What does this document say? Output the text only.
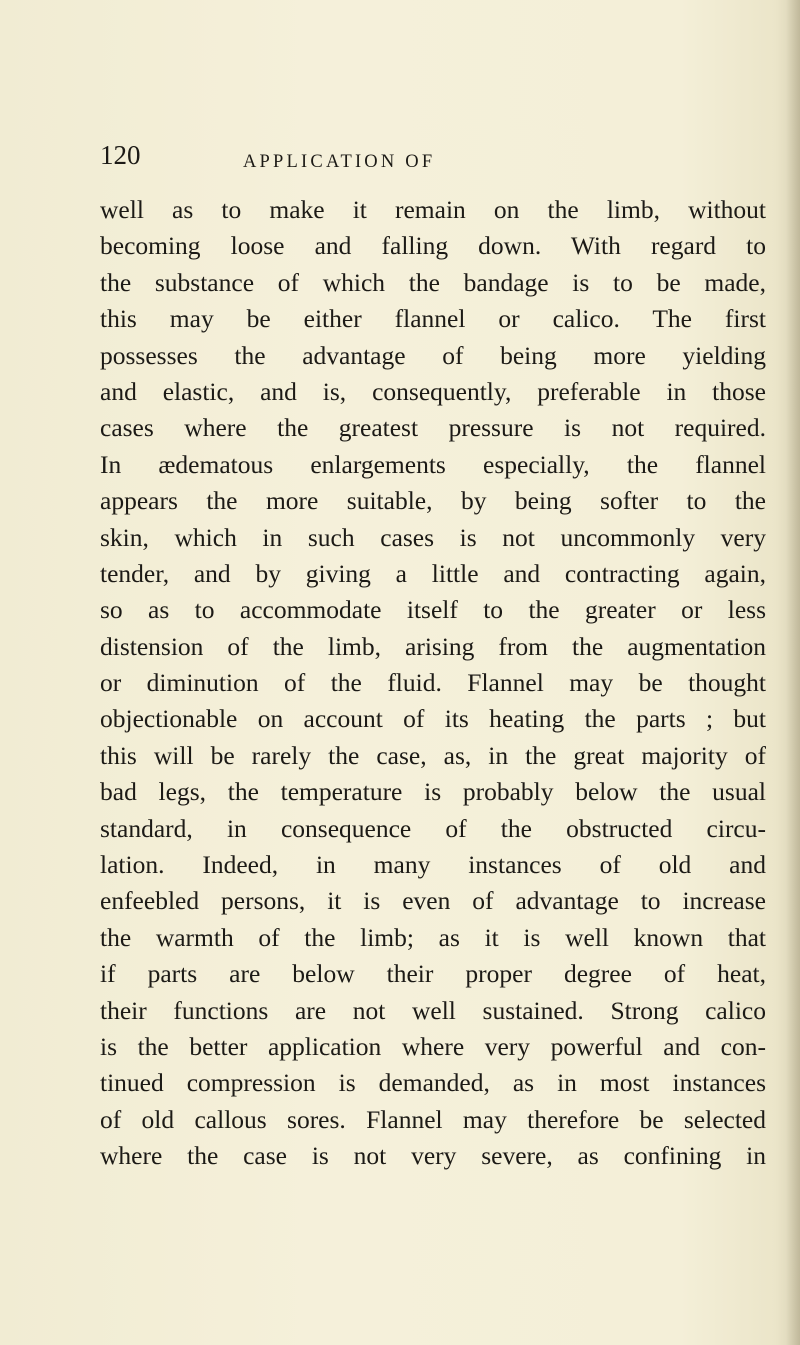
120	APPLICATION OF
well as to make it remain on the limb, without
becoming loose and falling down. With regard to
the substance of which the bandage is to be made,
this may be either flannel or calico. The first
possesses the advantage of being more yielding
and elastic, and is, consequently, preferable in those
cases where the greatest pressure is not required.
In ædematous enlargements especially, the flannel
appears the more suitable, by being softer to the
skin, which in such cases is not uncommonly very
tender, and by giving a little and contracting again,
so as to accommodate itself to the greater or less
distension of the limb, arising from the augmentation
or diminution of the fluid. Flannel may be thought
objectionable on account of its heating the parts ; but
this will be rarely the case, as, in the great majority of
bad legs, the temperature is probably below the usual
standard, in consequence of the obstructed circu-
lation. Indeed, in many instances of old and
enfeebled persons, it is even of advantage to increase
the warmth of the limb; as it is well known that
if parts are below their proper degree of heat,
their functions are not well sustained. Strong calico
is the better application where very powerful and con-
tinued compression is demanded, as in most instances
of old callous sores. Flannel may therefore be selected
where the case is not very severe, as confining in
